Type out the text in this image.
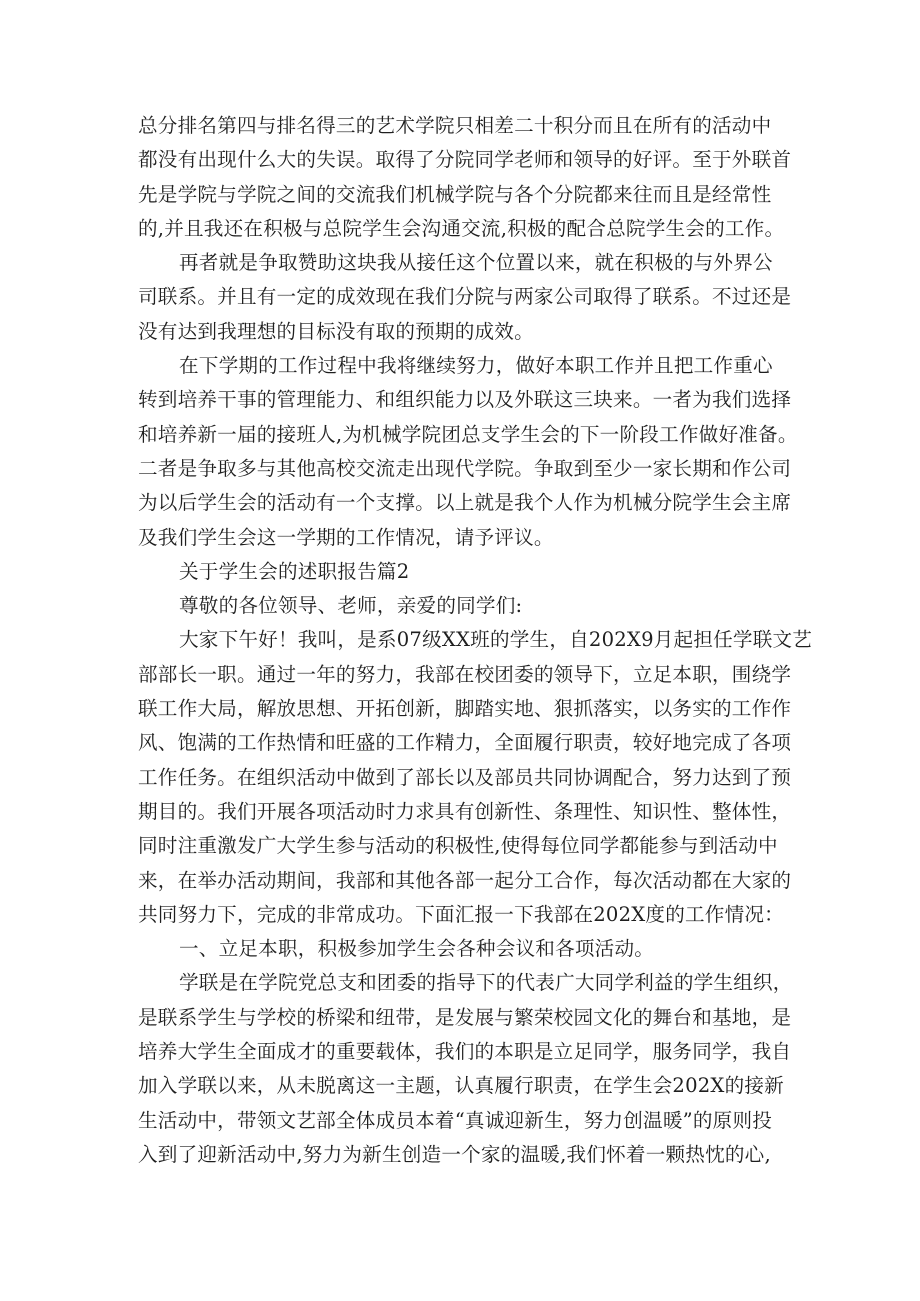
总分排名第四与排名得三的艺术学院只相差二十积分而且在所有的活动中
都没有出现什么大的失误。取得了分院同学老师和领导的好评。至于外联首
先是学院与学院之间的交流我们机械学院与各个分院都来往而且是经常性
的,并且我还在积极与总院学生会沟通交流,积极的配合总院学生会的工作。
再者就是争取赞助这块我从接任这个位置以来，就在积极的与外界公
司联系。并且有一定的成效现在我们分院与两家公司取得了联系。不过还是
没有达到我理想的目标没有取的预期的成效。
在下学期的工作过程中我将继续努力，做好本职工作并且把工作重心
转到培养干事的管理能力、和组织能力以及外联这三块来。一者为我们选择
和培养新一届的接班人,为机械学院团总支学生会的下一阶段工作做好准备。
二者是争取多与其他高校交流走出现代学院。争取到至少一家长期和作公司
为以后学生会的活动有一个支撑。以上就是我个人作为机械分院学生会主席
及我们学生会这一学期的工作情况，请予评议。
关于学生会的述职报告篇2
尊敬的各位领导、老师，亲爱的同学们:
大家下午好！我叫，是系07级XX班的学生，自202X9月起担任学联文艺
部部长一职。通过一年的努力，我部在校团委的领导下，立足本职，围绕学
联工作大局，解放思想、开拓创新，脚踏实地、狠抓落实，以务实的工作作
风、饱满的工作热情和旺盛的工作精力，全面履行职责，较好地完成了各项
工作任务。在组织活动中做到了部长以及部员共同协调配合，努力达到了预
期目的。我们开展各项活动时力求具有创新性、条理性、知识性、整体性，
同时注重激发广大学生参与活动的积极性,使得每位同学都能参与到活动中
来，在举办活动期间，我部和其他各部一起分工合作，每次活动都在大家的
共同努力下，完成的非常成功。下面汇报一下我部在202X度的工作情况：
一、立足本职，积极参加学生会各种会议和各项活动。
学联是在学院党总支和团委的指导下的代表广大同学利益的学生组织，
是联系学生与学校的桥梁和纽带，是发展与繁荣校园文化的舞台和基地，是
培养大学生全面成才的重要载体，我们的本职是立足同学，服务同学，我自
加入学联以来，从未脱离这一主题，认真履行职责，在学生会202X的接新
生活动中，带领文艺部全体成员本着“真诚迎新生，努力创温暖”的原则投
入到了迎新活动中,努力为新生创造一个家的温暖,我们怀着一颗热忱的心,
